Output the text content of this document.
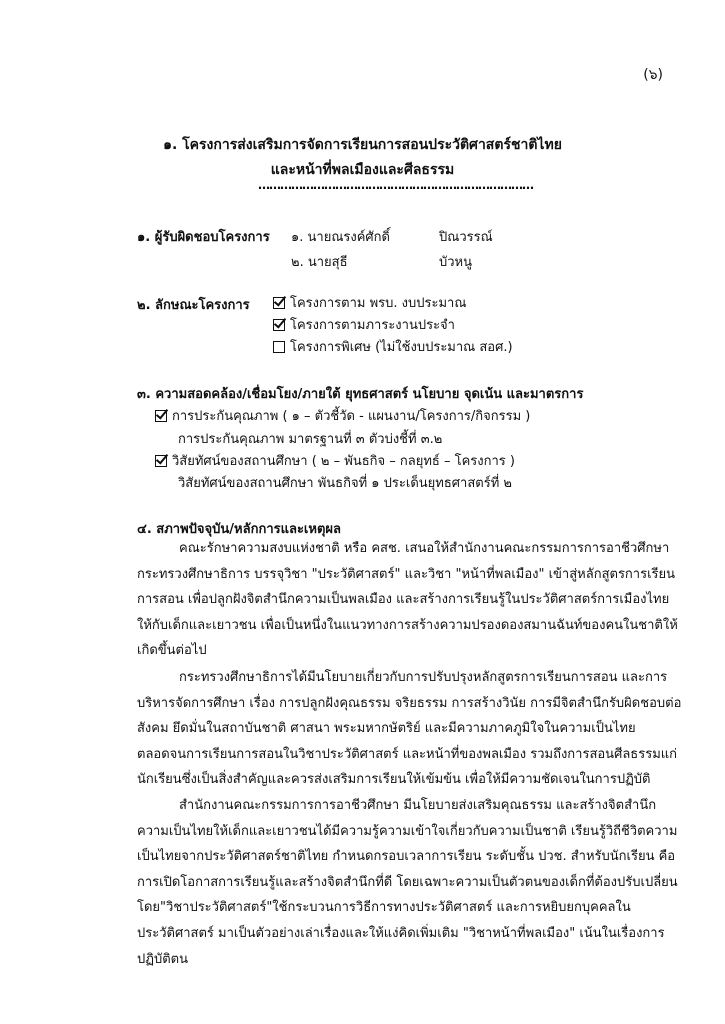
(๖)
๑. โครงการส่งเสริมการจัดการเรียนการสอนประวัติศาสตร์ชาติไทย
และหน้าที่พลเมืองและศีลธรรม
…………………………………………………………………
๑. ผู้รับผิดชอบโครงการ ๑. นายณรงค์ศักดิ์	ปิณวรรณ์
๒. นายสุธี	บัวหนู
๒. ลักษณะโครงการ	โครงการตาม พรบ. งบประมาณ
โครงการตามภาระงานประจำ
โครงการพิเศษ (ไม่ใช้งบประมาณ สอศ.)
๓. ความสอดคล้อง/เชื่อมโยง/ภายใต้ ยุทธศาสตร์ นโยบาย จุดเน้น และมาตรการ
การประกันคุณภาพ ( ๑ – ตัวชี้วัด - แผนงาน/โครงการ/กิจกรรม )
การประกันคุณภาพ มาตรฐานที่ ๓ ตัวบ่งชี้ที่ ๓.๒
วิสัยทัศน์ของสถานศึกษา ( ๒ – พันธกิจ – กลยุทธ์ – โครงการ )
วิสัยทัศน์ของสถานศึกษา พันธกิจที่ ๑ ประเด็นยุทธศาสตร์ที่ ๒
๔. สภาพปัจจุบัน/หลักการและเหตุผล
คณะรักษาความสงบแห่งชาติ หรือ คสช. เสนอให้สำนักงานคณะกรรมการการอาชีวศึกษา
กระทรวงศึกษาธิการ บรรจุวิชา "ประวัติศาสตร์" และวิชา "หน้าที่พลเมือง" เข้าสู่หลักสูตรการเรียน
การสอน เพื่อปลูกฝังจิตสำนึกความเป็นพลเมือง และสร้างการเรียนรู้ในประวัติศาสตร์การเมืองไทย
ให้กับเด็กและเยาวชน เพื่อเป็นหนึ่งในแนวทางการสร้างความปรองดองสมานฉันท์ของคนในชาติให้
เกิดขึ้นต่อไป
กระทรวงศึกษาธิการได้มีนโยบายเกี่ยวกับการปรับปรุงหลักสูตรการเรียนการสอน และการ
บริหารจัดการศึกษา เรื่อง การปลูกฝังคุณธรรม จริยธรรม การสร้างวินัย การมีจิตสำนึกรับผิดชอบต่อ
สังคม ยึดมั่นในสถาบันชาติ ศาสนา พระมหากษัตริย์ และมีความภาคภูมิใจในความเป็นไทย
ตลอดจนการเรียนการสอนในวิชาประวัติศาสตร์ และหน้าที่ของพลเมือง รวมถึงการสอนศีลธรรมแก่
นักเรียนซึ่งเป็นสิ่งสำคัญและควรส่งเสริมการเรียนให้เข้มข้น เพื่อให้มีความชัดเจนในการปฏิบัติ
สำนักงานคณะกรรมการการอาชีวศึกษา มีนโยบายส่งเสริมคุณธรรม และสร้างจิตสำนึก
ความเป็นไทยให้เด็กและเยาวชนได้มีความรู้ความเข้าใจเกี่ยวกับความเป็นชาติ เรียนรู้วิถีชีวิตความ
เป็นไทยจากประวัติศาสตร์ชาติไทย กำหนดกรอบเวลาการเรียน ระดับชั้น ปวช. สำหรับนักเรียน คือ
การเปิดโอกาสการเรียนรู้และสร้างจิตสำนึกที่ดี โดยเฉพาะความเป็นตัวตนของเด็กที่ต้องปรับเปลี่ยน
โดย"วิชาประวัติศาสตร์"ใช้กระบวนการวิธีการทางประวัติศาสตร์ และการหยิบยกบุคคลใน
ประวัติศาสตร์ มาเป็นตัวอย่างเล่าเรื่องและให้แง่คิดเพิ่มเติม "วิชาหน้าที่พลเมือง" เน้นในเรื่องการ
ปฏิบัติตน
